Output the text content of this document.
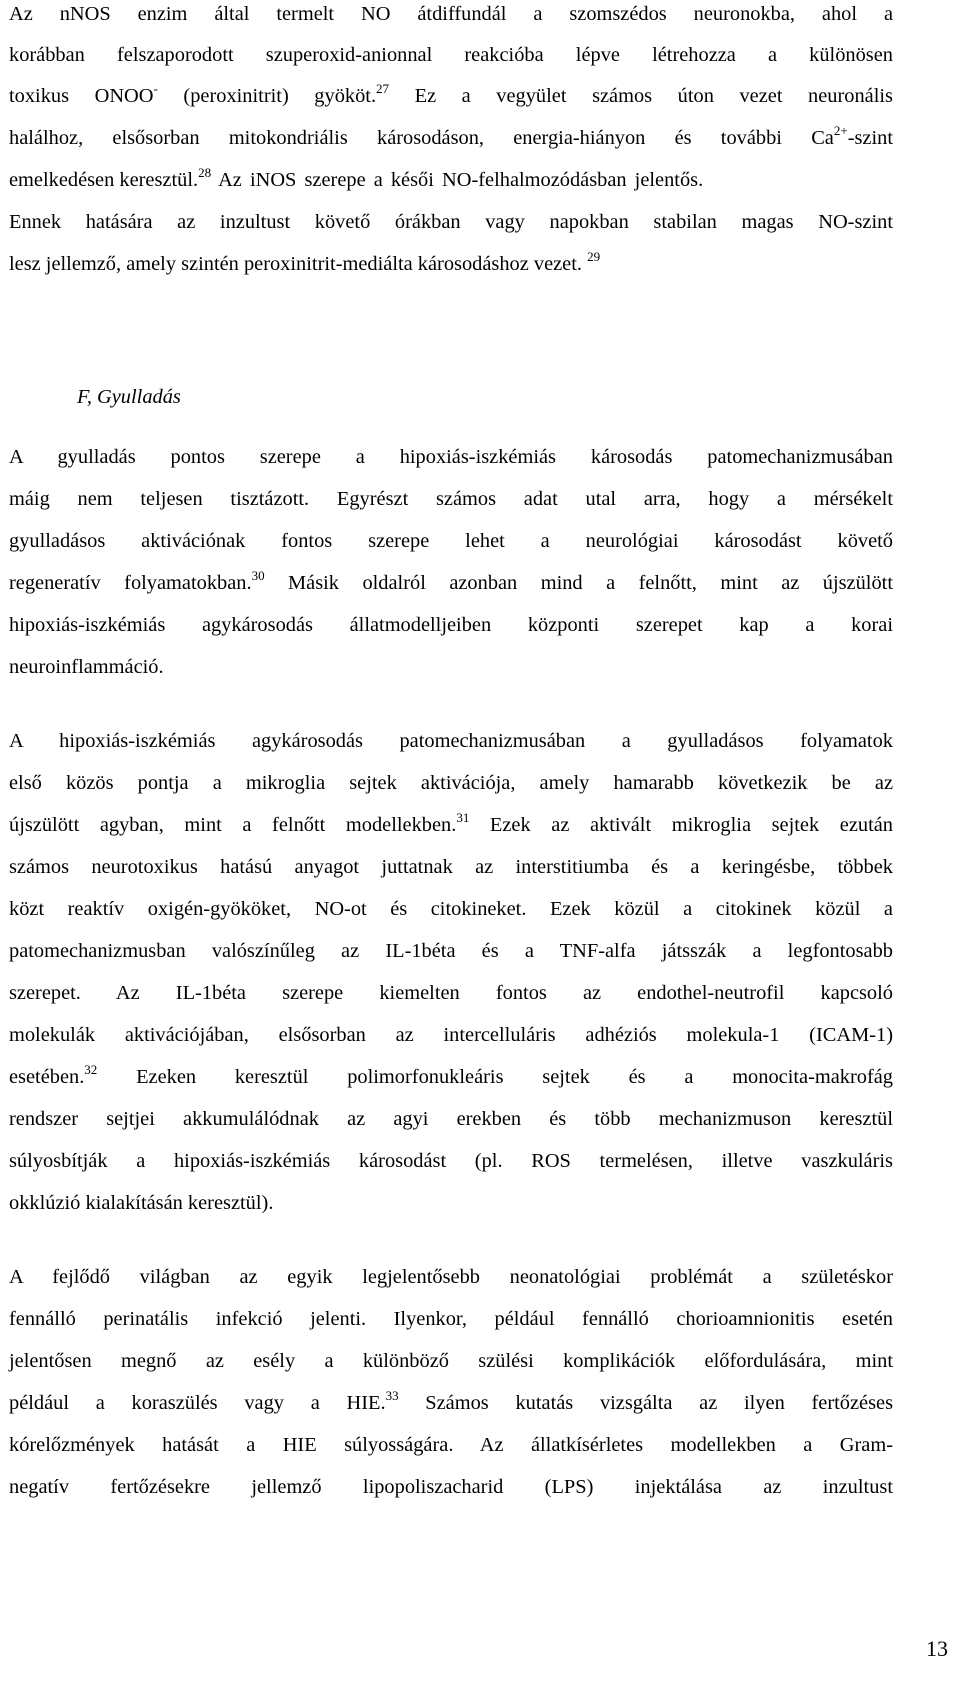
Az nNOS enzim által termelt NO átdiffundál a szomszédos neuronokba, ahol a
korábban felszaporodott szuperoxid-anionnal reakcióba lépve létrehozza a különösen
toxikus ONOO- (peroxinitrit) gyököt.$^{27}$ Ez a vegyület számos úton vezet neuronális
halálhoz, elsősorban mitokondriális károsodáson, energia-hiányon és további $Ca^{2+}$-szint
emelkedésen keresztül.$^{28}$ Az iNOS szerepe a késői NO-felhalmozódásban jelentős.
Ennek hatására az inzultust követő órákban vagy napokban stabilan magas NO-szint
lesz jellemző, amely szintén peroxinitrit-mediálta károsodáshoz vezet. $^{29}$
F, Gyulladás
A gyulladás pontos szerepe a hipoxiás-iszkémiás károsodás patomechanizmusában
máig nem teljesen tisztázott. Egyrészt számos adat utal arra, hogy a mérsékelt
gyulladásos aktivációnak fontos szerepe lehet a neurológiai károsodást követő
regeneratív folyamatokban.$^{30}$ Másik oldalról azonban mind a felnőtt, mint az újszülött
hipoxiás-iszkémiás agykárosodás állatmodelljeiben központi szerepet kap a korai
neuroinflammáció.
A hipoxiás-iszkémiás agykárosodás patomechanizmusában a gyulladásos folyamatok
első közös pontja a mikroglia sejtek aktivációja, amely hamarabb következik be az
újszülött agyban, mint a felnőtt modellekben.$^{31}$ Ezek az aktivált mikroglia sejtek ezután
számos neurotoxikus hatású anyagot juttatnak az interstitiumba és a keringésbe, többek
közt reaktív oxigén-gyököket, NO-ot és citokineket. Ezek közül a citokinek közül a
patomechanizmusban valószínűleg az IL-1béta és a TNF-alfa játsszák a legfontosabb
szerepet. Az IL-1béta szerepe kiemelten fontos az endothel-neutrofil kapcsoló
molekulák aktivációjában, elsősorban az intercelluláris adhéziós molekula-1 (ICAM-1)
esetében.$^{32}$ Ezeken keresztül polimorfonukleáris sejtek és a monocita-makrofág
rendszer sejtjei akkumulálódnak az agyi erekben és több mechanizmuson keresztül
súlyosbítják a hipoxiás-iszkémiás károsodást (pl. ROS termelésen, illetve vaszkuláris
okklúzió kialakításán keresztül).
A fejlődő világban az egyik legjelentősebb neonatológiai problémát a születéskor
fennálló perinatális infekció jelenti. Ilyenkor, például fennálló chorioamnionitis esetén
jelentősen megnő az esély a különböző szülési komplikációk előfordulására, mint
például a koraszülés vagy a HIE.$^{33}$ Számos kutatás vizsgálta az ilyen fertőzéses
kórelőzmények hatását a HIE súlyosságára. Az állatkísérletes modellekben a Gram-
negatív fertőzésekre jellemző lipopoliszacharid (LPS) injektálása az inzultust
13
